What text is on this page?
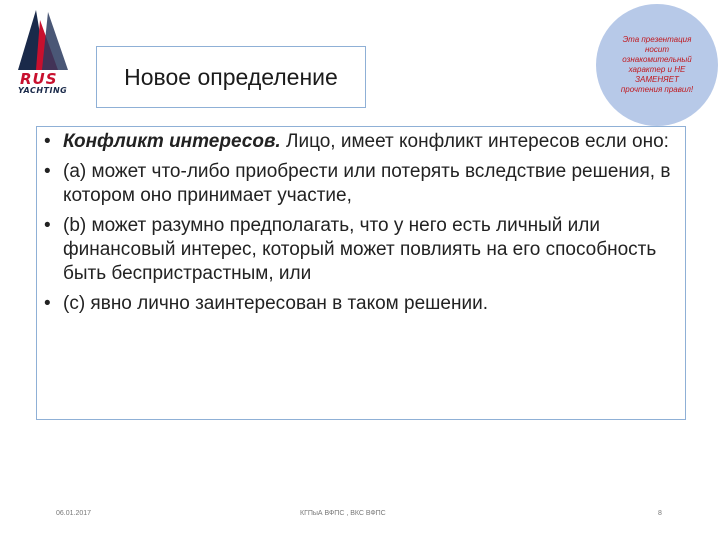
RUS
YACHTING
Новое определение
Эта презентация носит ознакомительный характер и НЕ ЗАМЕНЯЕТ прочтения правил!
• Конфликт интересов. Лицо, имеет конфликт интересов если оно:
• (a) может что-либо приобрести или потерять вследствие решения, в котором оно принимает участие,
• (b) может разумно предполагать, что у него есть личный или финансовый интерес, который может повлиять на его способность быть беспристрастным, или
• (c) явно лично заинтересован в таком решении.
06.01.2017	КГПыА ВФПС , ВКС ВФПС	8
